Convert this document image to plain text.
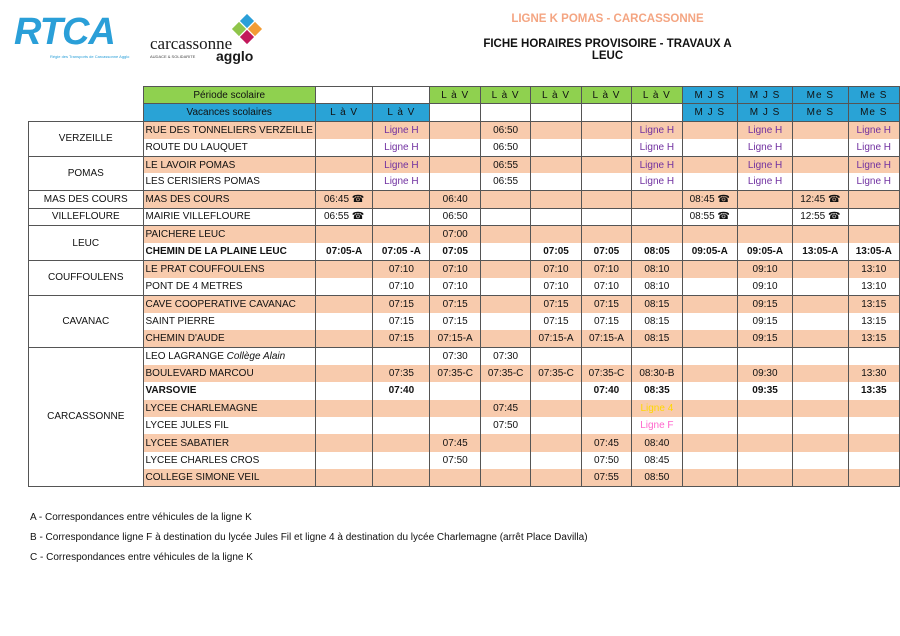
RTCA
Régie des Transports de Carcassonne Agglo
carcassonne
agglo
AUDACE & SOLIDARITE
LIGNE K POMAS - CARCASSONNE
FICHE HORAIRES PROVISOIRE - TRAVAUX A LEUC
	Période scolaire			L à V	L à V	L à V	L à V	L à V	M J S	M J S	Me S	Me S
	Vacances scolaires	L à V	L à V						M J S	M J S	Me S	Me S
VERZEILLE	RUE DES TONNELIERS VERZEILLE		Ligne H		06:50			Ligne H		Ligne H		Ligne H
	ROUTE DU LAUQUET		Ligne H		06:50			Ligne H		Ligne H		Ligne H
POMAS	LE LAVOIR POMAS		Ligne H		06:55			Ligne H		Ligne H		Ligne H
	LES CERISIERS POMAS		Ligne H		06:55			Ligne H		Ligne H		Ligne H
MAS DES COURS	MAS DES COURS	06:45 ☎		06:40					08:45 ☎		12:45 ☎	
VILLEFLOURE	MAIRIE VILLEFLOURE	06:55 ☎		06:50					08:55 ☎		12:55 ☎	
LEUC	PAICHERE LEUC			07:00								
	CHEMIN DE LA PLAINE LEUC	07:05-A	07:05 -A	07:05		07:05	07:05	08:05	09:05-A	09:05-A	13:05-A	13:05-A
COUFFOULENS	LE PRAT COUFFOULENS		07:10	07:10		07:10	07:10	08:10		09:10		13:10
	PONT DE 4 METRES		07:10	07:10		07:10	07:10	08:10		09:10		13:10
CAVANAC	CAVE COOPERATIVE CAVANAC		07:15	07:15		07:15	07:15	08:15		09:15		13:15
	SAINT PIERRE		07:15	07:15		07:15	07:15	08:15		09:15		13:15
	CHEMIN D'AUDE		07:15	07:15-A		07:15-A	07:15-A	08:15		09:15		13:15
CARCASSONNE	LEO LAGRANGE Collège Alain			07:30	07:30							
	BOULEVARD MARCOU		07:35	07:35-C	07:35-C	07:35-C	07:35-C	08:30-B		09:30		13:30
	VARSOVIE		07:40				07:40	08:35		09:35		13:35
	LYCEE CHARLEMAGNE				07:45			Ligne 4				
	LYCEE JULES FIL				07:50			Ligne F				
	LYCEE SABATIER			07:45			07:45	08:40				
	LYCEE CHARLES CROS			07:50			07:50	08:45				
	COLLEGE SIMONE VEIL						07:55	08:50				
A - Correspondances entre véhicules de la ligne K
B - Correspondance ligne F à destination du lycée Jules Fil et ligne 4 à destination du lycée Charlemagne (arrêt Place Davilla)
C - Correspondances entre véhicules de la ligne K
